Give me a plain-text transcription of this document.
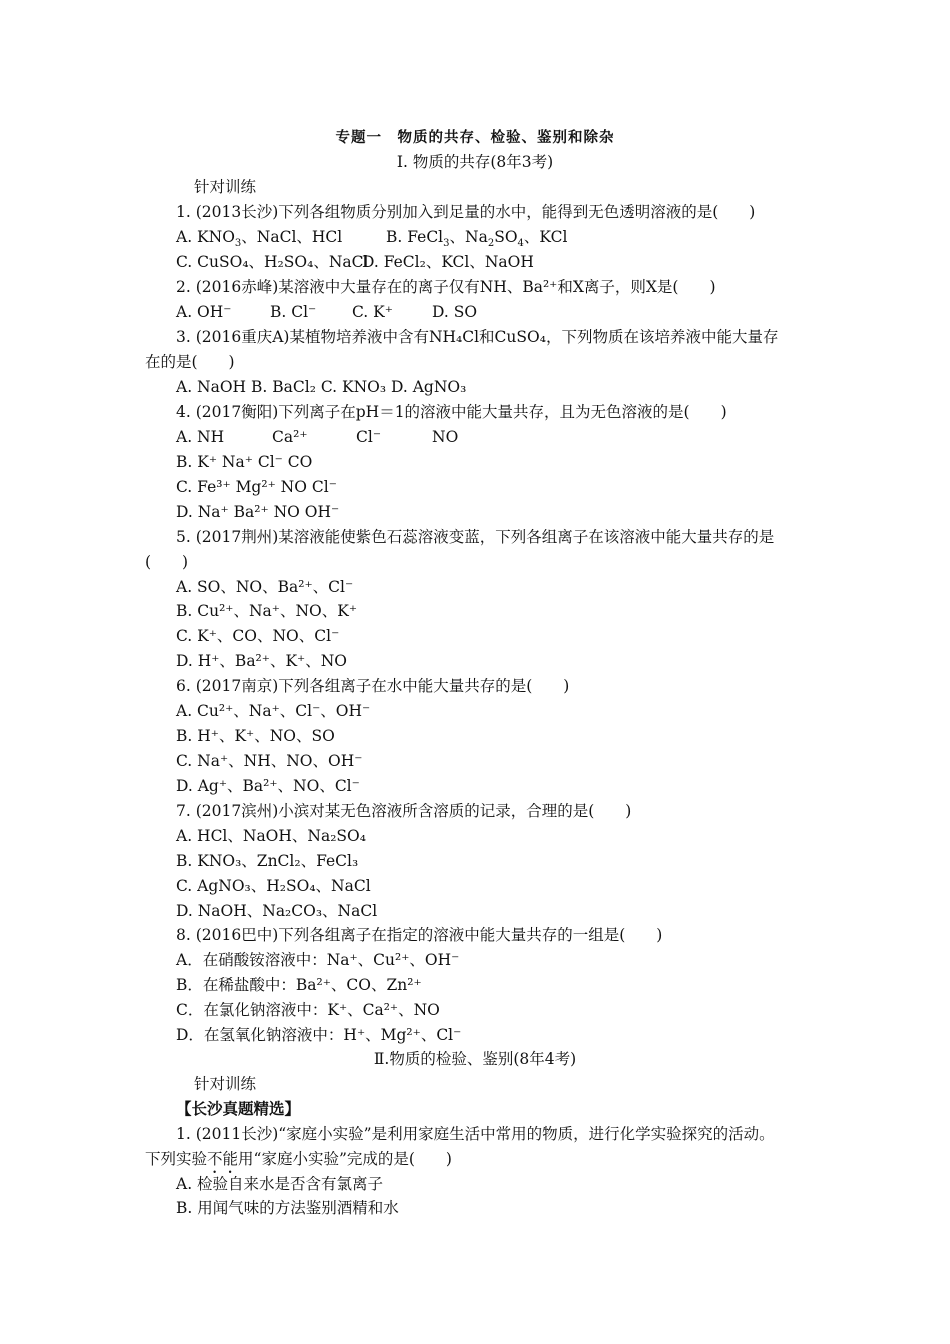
专题一　物质的共存、检验、鉴别和除杂
Ⅰ. 物质的共存(8年3考)
针对训练
1. (2013长沙)下列各组物质分别加入到足量的水中，能得到无色透明溶液的是(　　)
A. $KNO_3$、NaCl、HCl	B. FeCl$_3$、$Na_2SO_4$、KCl
C. CuSO₄、H₂SO₄、NaCl
D. FeCl₂、KCl、NaOH
2. (2016赤峰)某溶液中大量存在的离子仅有NH、Ba²⁺和X离子，则X是(　　)
A. OH⁻ B. Cl⁻ C. K⁺	D. SO
3. (2016重庆A)某植物培养液中含有NH₄Cl和CuSO₄，下列物质在该培养液中能大量存
在的是(　　)
A. NaOH B. BaCl₂ C. KNO₃ D. AgNO₃
4. (2017衡阳)下列离子在pH＝1的溶液中能大量共存，且为无色溶液的是(　　)
A. NH	Ca²⁺	Cl⁻	NO
B. K⁺ Na⁺ Cl⁻ CO
C. Fe³⁺ Mg²⁺ NO Cl⁻
D. Na⁺ Ba²⁺ NO OH⁻
5. (2017荆州)某溶液能使紫色石蕊溶液变蓝，下列各组离子在该溶液中能大量共存的是
(　　)
A. SO、NO、Ba²⁺、Cl⁻
B. Cu²⁺、Na⁺、NO、K⁺
C. K⁺、CO、NO、Cl⁻
D. H⁺、Ba²⁺、K⁺、NO
6. (2017南京)下列各组离子在水中能大量共存的是(　　)
A. Cu²⁺、Na⁺、Cl⁻、OH⁻
B. H⁺、K⁺、NO、SO
C. Na⁺、NH、NO、OH⁻
D. Ag⁺、Ba²⁺、NO、Cl⁻
7. (2017滨州)小滨对某无色溶液所含溶质的记录，合理的是(　　)
A. HCl、NaOH、Na₂SO₄
B. KNO₃、ZnCl₂、FeCl₃
C. AgNO₃、H₂SO₄、NaCl
D. NaOH、Na₂CO₃、NaCl
8. (2016巴中)下列各组离子在指定的溶液中能大量共存的一组是(　　)
A．在硝酸铵溶液中：Na⁺、Cu²⁺、OH⁻
B．在稀盐酸中：Ba²⁺、CO、Zn²⁺
C．在氯化钠溶液中：K⁺、Ca²⁺、NO
D．在氢氧化钠溶液中：H⁺、Mg²⁺、Cl⁻
Ⅱ.物质的检验、鉴别(8年4考)
针对训练
【长沙真题精选】
1. (2011长沙)“家庭小实验”是利用家庭生活中常用的物质，进行化学实验探究的活动。
下列实验不能用“家庭小实验”完成的是(　　)
A. 检验自来水是否含有氯离子
B. 用闻气味的方法鉴别酒精和水
